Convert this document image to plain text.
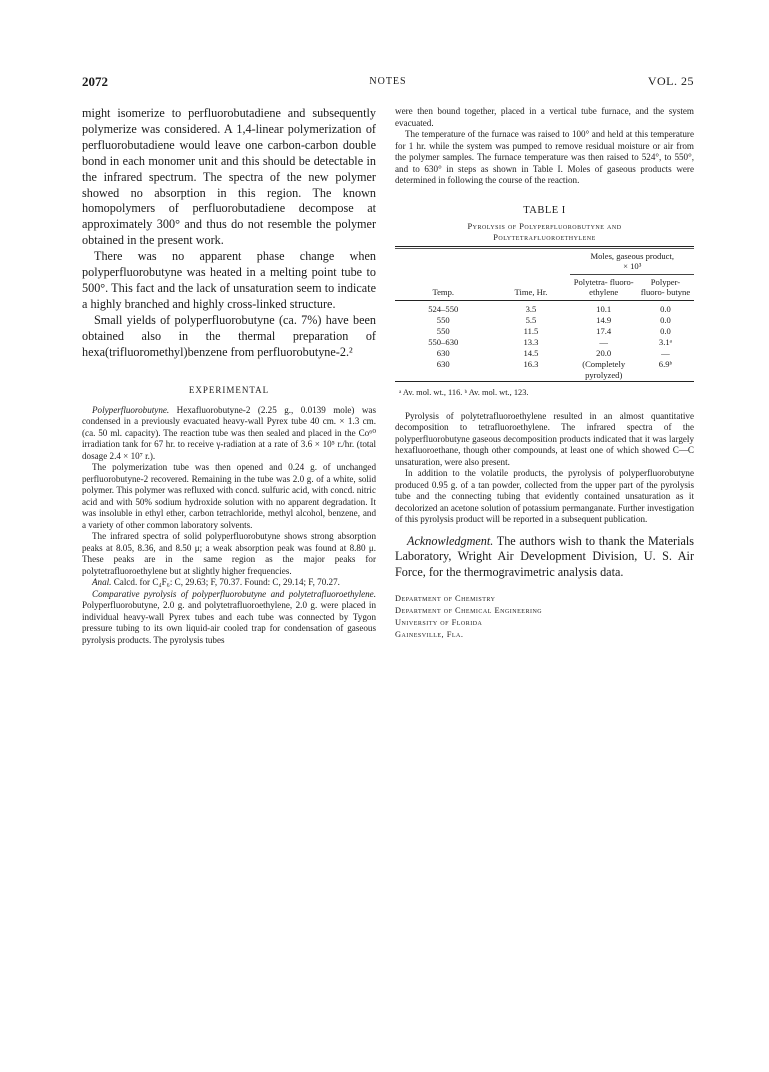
2072	NOTES	VOL. 25

might isomerize to perfluorobutadiene and subsequently polymerize was considered. A 1,4-linear polymerization of perfluorobutadiene would leave one carbon-carbon double bond in each monomer unit and this should be detectable in the infrared spectrum. The spectra of the new polymer showed no absorption in this region. The known homopolymers of perfluorobutadiene decompose at approximately 300° and thus do not resemble the polymer obtained in the present work.

There was no apparent phase change when polyperfluorobutyne was heated in a melting point tube to 500°. This fact and the lack of unsaturation seem to indicate a highly branched and highly cross-linked structure.

Small yields of polyperfluorobutyne (ca. 7%) have been obtained also in the thermal preparation of hexa(trifluoromethyl)benzene from perfluorobutyne-2.²

EXPERIMENTAL

Polyperfluorobutyne. Hexafluorobutyne-2 (2.25 g., 0.0139 mole) was condensed in a previously evacuated heavy-wall Pyrex tube 40 cm. × 1.3 cm. (ca. 50 ml. capacity). The reaction tube was then sealed and placed in the Co⁶⁰ irradiation tank for 67 hr. to receive γ-radiation at a rate of 3.6 × 10⁵ r./hr. (total dosage 2.4 × 10⁷ r.).

The polymerization tube was then opened and 0.24 g. of unchanged perfluorobutyne-2 recovered. Remaining in the tube was 2.0 g. of a white, solid polymer. This polymer was refluxed with concd. sulfuric acid, with concd. nitric acid and with 50% sodium hydroxide solution with no apparent degradation. It was insoluble in ethyl ether, carbon tetrachloride, methyl alcohol, benzene, and a variety of other common laboratory solvents.

The infrared spectra of solid polyperfluorobutyne shows strong absorption peaks at 8.05, 8.36, and 8.50 μ; a weak absorption peak was found at 8.80 μ. These peaks are in the same region as the major peaks for polytetrafluoroethylene but at slightly higher frequencies.

Anal. Calcd. for C₄F₆: C, 29.63; F, 70.37. Found: C, 29.14; F, 70.27.

Comparative pyrolysis of polyperfluorobutyne and polytetrafluoroethylene. Polyperfluorobutyne, 2.0 g. and polytetrafluoroethylene, 2.0 g. were placed in individual heavy-wall Pyrex tubes and each tube was connected by Tygon pressure tubing to its own liquid-air cooled trap for condensation of gaseous pyrolysis products. The pyrolysis tubes

were then bound together, placed in a vertical tube furnace, and the system evacuated.

The temperature of the furnace was raised to 100° and held at this temperature for 1 hr. while the system was pumped to remove residual moisture or air from the polymer samples. The furnace temperature was then raised to 524°, to 550°, and to 630° in steps as shown in Table I. Moles of gaseous products were determined in following the course of the reaction.

TABLE I
Pyrolysis of Polyperfluorobutyne and
Polytetrafluoroethylene

		Moles, gaseous product,
× 10³	

Temp.	Time, Hr.	Polytetra- fluoro- ethylene	Polyper- fluoro- butyne

524–550	3.5	10.1	0.0
550	5.5	14.9	0.0
550	11.5	17.4	0.0
550–630	13.3	—	3.1ᵃ
630	14.5	20.0	—
630	16.3	(Completely pyrolyzed)	6.9ᵇ

ᵃ Av. mol. wt., 116. ᵇ Av. mol. wt., 123.

Pyrolysis of polytetrafluoroethylene resulted in an almost quantitative decomposition to tetrafluoroethylene. The infrared spectra of the polyperfluorobutyne gaseous decomposition products indicated that it was largely hexafluoroethane, though other compounds, at least one of which showed C—C unsaturation, were also present.

In addition to the volatile products, the pyrolysis of polyperfluorobutyne produced 0.95 g. of a tan powder, collected from the upper part of the pyrolysis tube and the connecting tubing that evidently contained unsaturation as it decolorized an acetone solution of potassium permanganate. Further investigation of this pyrolysis product will be reported in a subsequent publication.

Acknowledgment. The authors wish to thank the Materials Laboratory, Wright Air Development Division, U. S. Air Force, for the thermogravimetric analysis data.

Department of Chemistry
Department of Chemical Engineering
University of Florida
Gainesville, Fla.
